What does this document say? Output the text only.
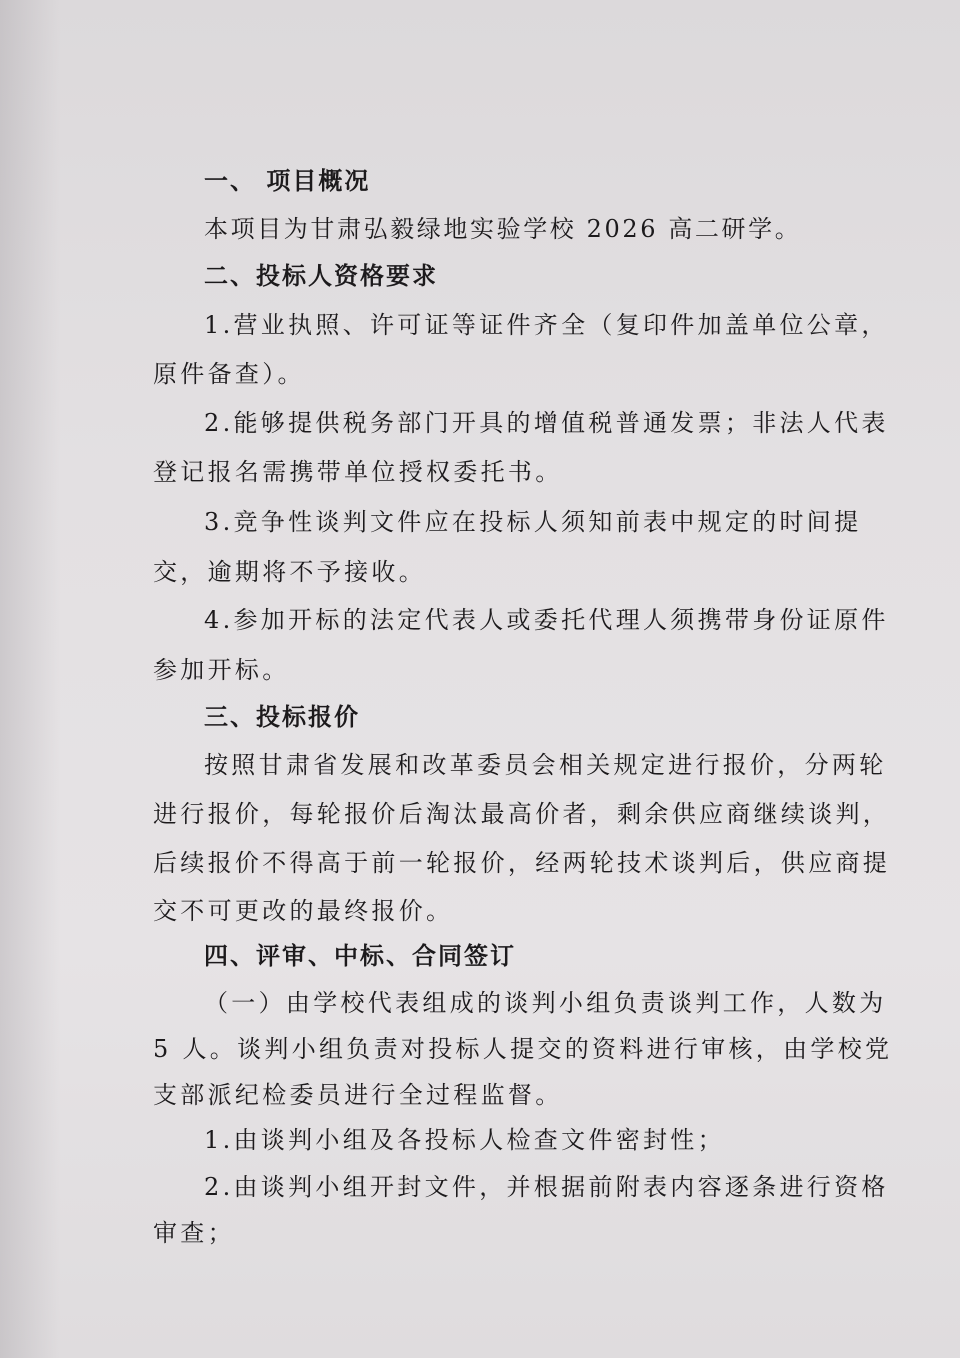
一、 项目概况
本项目为甘肃弘毅绿地实验学校 2026 高二研学。
二、投标人资格要求
1.营业执照、许可证等证件齐全（复印件加盖单位公章，
原件备查）。
2.能够提供税务部门开具的增值税普通发票；非法人代表
登记报名需携带单位授权委托书。
3.竞争性谈判文件应在投标人须知前表中规定的时间提
交，逾期将不予接收。
4.参加开标的法定代表人或委托代理人须携带身份证原件
参加开标。
三、投标报价
按照甘肃省发展和改革委员会相关规定进行报价，分两轮
进行报价，每轮报价后淘汰最高价者，剩余供应商继续谈判，
后续报价不得高于前一轮报价，经两轮技术谈判后，供应商提
交不可更改的最终报价。
四、评审、中标、合同签订
（一）由学校代表组成的谈判小组负责谈判工作，人数为
5 人。谈判小组负责对投标人提交的资料进行审核，由学校党
支部派纪检委员进行全过程监督。
1.由谈判小组及各投标人检查文件密封性；
2.由谈判小组开封文件，并根据前附表内容逐条进行资格
审查；
